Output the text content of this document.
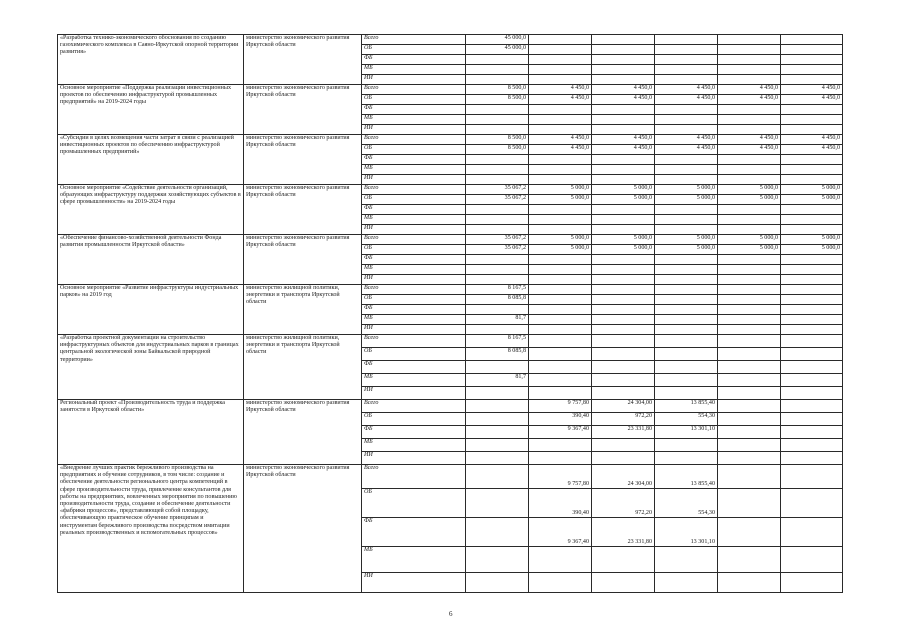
«Разработка технико-экономического обоснования по созданию газохимического комплекса в Саяно-Иркутской опорной территории развития»	министерство экономического развития Иркутской области	Всего	45 000,0					
		ОБ	45 000,0					
		ФБ						
		МБ						
		ИИ						
Основное мероприятие «Поддержка реализации инвестиционных проектов по обеспечению инфраструктурой промышленных предприятий» на 2019-2024 годы	министерство экономического развития Иркутской области	Всего	8 500,0	4 450,0	4 450,0	4 450,0	4 450,0	4 450,0
		ОБ	8 500,0	4 450,0	4 450,0	4 450,0	4 450,0	4 450,0
		ФБ						
		МБ						
		ИИ						
«Субсидии в целях возмещения части затрат в связи с реализацией инвестиционных проектов по обеспечению инфраструктурой промышленных предприятий»	министерство экономического развития Иркутской области	Всего	8 500,0	4 450,0	4 450,0	4 450,0	4 450,0	4 450,0
		ОБ	8 500,0	4 450,0	4 450,0	4 450,0	4 450,0	4 450,0
		ФБ						
		МБ						
		ИИ						
Основное мероприятие «Содействие деятельности организаций, образующих инфраструктуру поддержки хозяйствующих субъектов в сфере промышленности» на 2019-2024 годы	министерство экономического развития Иркутской области	Всего	35 067,2	5 000,0	5 000,0	5 000,0	5 000,0	5 000,0
		ОБ	35 067,2	5 000,0	5 000,0	5 000,0	5 000,0	5 000,0
		ФБ						
		МБ						
		ИИ						
«Обеспечение финансово-хозяйственной деятельности Фонда развития промышленности Иркутской области»	министерство экономического развития Иркутской области	Всего	35 067,2	5 000,0	5 000,0	5 000,0	5 000,0	5 000,0
		ОБ	35 067,2	5 000,0	5 000,0	5 000,0	5 000,0	5 000,0
		ФБ						
		МБ						
		ИИ						
Основное мероприятие «Развитие инфраструктуры индустриальных парков» на 2019 год	министерство жилищной политики, энергетики и транспорта Иркутской области	Всего	8 167,5					
		ОБ	8 085,8					
		ФБ						
		МБ	81,7					
		ИИ						
«Разработка проектной документации на строительство инфраструктурных объектов для индустриальных парков в границах центральной экологической зоны Байкальской природной территории»	министерство жилищной политики, энергетики и транспорта Иркутской области	Всего	8 167,5					
		ОБ	8 085,8					
		ФБ						
		МБ	81,7					
		ИИ						
Региональный проект «Производительность труда и поддержка занятости в Иркутской области»	министерство экономического развития Иркутской области	Всего		9 757,80	24 304,00	13 855,40		
		ОБ		390,40	972,20	554,30		
		ФБ		9 367,40	23 331,80	13 301,10		
		МБ						
		ИИ						
«Внедрение лучших практик бережливого производства на предприятиях и обучение сотрудников, в том числе: создание и обеспечение деятельности регионального центра компетенций в сфере производительности труда, привлечение консультантов для работы на предприятиях, вовлеченных мероприятия по повышению производительности труда, создание и обеспечение деятельности «фабрики процессов», представляющей собой площадку, обеспечивающую практическое обучение принципам и инструментам бережливого производства посредством имитации реальных производственных и вспомогательных процессов»	министерство экономического развития Иркутской области	Всего		9 757,80	24 304,00	13 855,40		
		ОБ		390,40	972,20	554,30		
		ФБ		9 367,40	23 331,80	13 301,10		
		МБ						
		ИИ						
6
